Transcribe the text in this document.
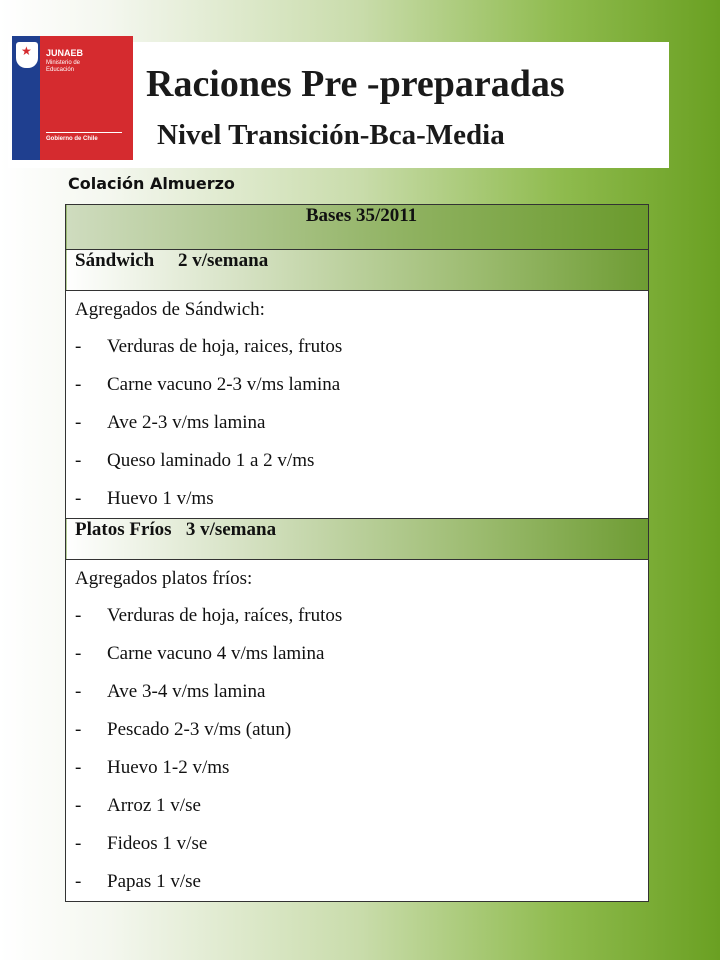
★ JUNAEB
Ministerio de
Educación
Gobierno de Chile
Raciones Pre -preparadas
Nivel Transición-Bca-Media
Colación Almuerzo
Bases 35/2011
Sándwich     2 v/semana

Agregados de Sándwich:
-	Verduras de hoja, raices, frutos
-	Carne vacuno 2-3 v/ms lamina
-	Ave 2-3 v/ms lamina
-	Queso laminado 1 a 2 v/ms
-	Huevo 1 v/ms

Platos Fríos   3 v/semana

Agregados platos fríos:
-	Verduras de hoja, raíces, frutos
-	Carne vacuno 4 v/ms lamina
-	Ave 3-4 v/ms lamina
-	Pescado 2-3 v/ms (atun)
-	Huevo 1-2 v/ms
-	Arroz 1 v/se
-	Fideos 1 v/se
-	Papas 1 v/se
